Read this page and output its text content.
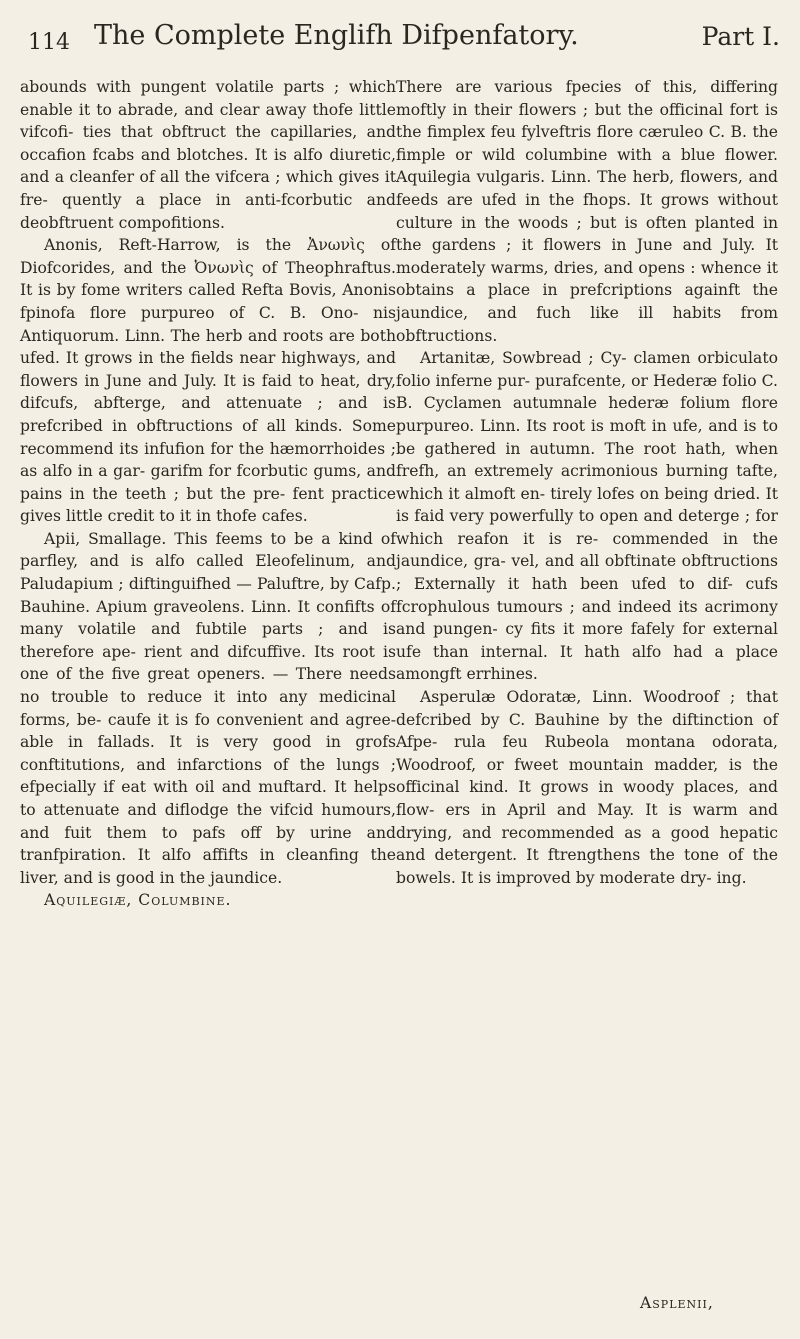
114 The Complete Englifh Difpenfatory.	Part I.

abounds with pungent volatile parts ; which enable it to abrade, and clear away thofe little vifcofi- ties that obftruct the capillaries, and occafion fcabs and blotches. It is alfo diuretic, and a cleanfer of all the vifcera ; which gives it fre- quently a place in anti-fcorbutic and deobftruent compofitions.

Anonis, Reft-Harrow, is the Ἀνωνὶς of Diofcorides, and the Ὀνωνὶς of Theophraftus. It is by fome writers called Refta Bovis, Anonis fpinofa flore purpureo of C. B. Ono- nis Antiquorum. Linn. The herb and roots are both ufed. It grows in the fields near highways, and flowers in June and July. It is faid to heat, dry, difcufs, abfterge, and attenuate ; and is prefcribed in obftructions of all kinds. Some recommend its infufion for the hæmorrhoides ; as alfo in a gar- garifm for fcorbutic gums, and pains in the teeth ; but the pre- fent practice gives little credit to it in thofe cafes.

Apii, Smallage. This feems to be a kind of parfley, and is alfo called Eleofelinum, and Paludapium ; diftinguifhed — Paluftre, by Cafp. Bauhine. Apium graveolens. Linn. It confifts of many volatile and fubtile parts ; and is therefore ape- rient and difcuffive. Its root is one of the five great openers. — There needs no trouble to reduce it into any medicinal forms, be- caufe it is fo convenient and agree- able in fallads. It is very good in grofs conftitutions, and infarctions of the lungs ; efpecially if eat with oil and muftard. It helps to attenuate and diflodge the vifcid humours, and fuit them to pafs off by urine and tranfpiration. It alfo affifts in cleanfing the liver, and is good in the jaundice.

Aquilegiæ, Columbine.

There are various fpecies of this, differing moftly in their flowers ; but the officinal fort is the fimplex feu fylveftris flore cæruleo C. B. the fimple or wild columbine with a blue flower. Aquilegia vulgaris. Linn. The herb, flowers, and feeds are ufed in the fhops. It grows without culture in the woods ; but is often planted in the gardens ; it flowers in June and July. It moderately warms, dries, and opens : whence it obtains a place in prefcriptions againft the jaundice, and fuch like ill habits from obftructions.

Artanitæ, Sowbread ; Cy- clamen orbiculato folio inferne pur- purafcente, or Hederæ folio C. B. Cyclamen autumnale hederæ folium flore purpureo. Linn. Its root is moft in ufe, and is to be gathered in autumn. The root hath, when frefh, an extremely acrimonious burning tafte, which it almoft en- tirely lofes on being dried. It is faid very powerfully to open and deterge ; for which reafon it is re- commended in the jaundice, gra- vel, and all obftinate obftructions ; Externally it hath been ufed to dif- cufs fcrophulous tumours ; and indeed its acrimony and pungen- cy fits it more fafely for external ufe than internal. It hath alfo had a place amongft errhines.

Asperulæ Odoratæ, Linn. Woodroof ; that defcribed by C. Bauhine by the diftinction of Afpe- rula feu Rubeola montana odorata, Woodroof, or fweet mountain madder, is the officinal kind. It grows in woody places, and flow- ers in April and May. It is warm and drying, and recommended as a good hepatic and detergent. It ftrengthens the tone of the bowels. It is improved by moderate dry- ing.

Asplenii,
